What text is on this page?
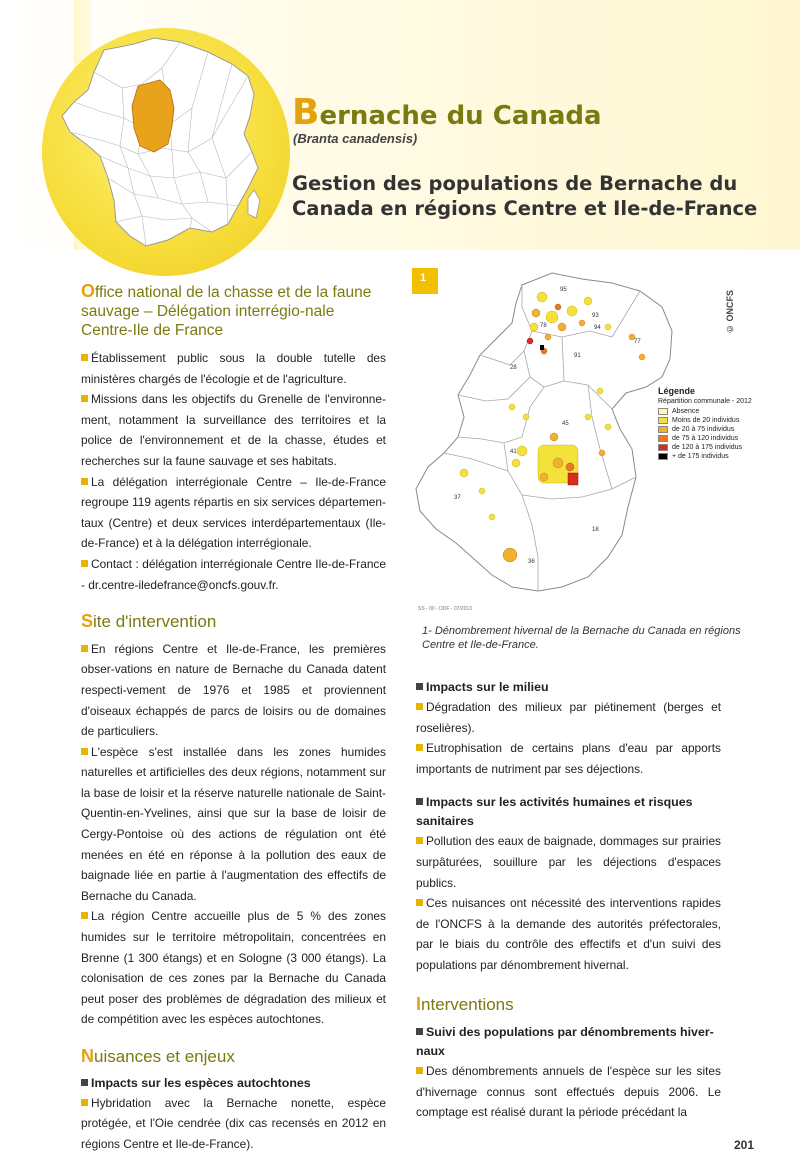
Bernache du Canada
(Branta canadensis)
Gestion des populations de Bernache du
Canada en régions Centre et Ile-de-France
Office national de la chasse et de la faune sauvage – Délégation interrégio-nale Centre-Ile de France

Établissement public sous la double tutelle des ministères chargés de l'écologie et de l'agriculture.

Missions dans les objectifs du Grenelle de l'environne-ment, notamment la surveillance des territoires et la police de l'environnement et de la chasse, études et recherches sur la faune sauvage et ses habitats.

La délégation interrégionale Centre – Ile-de-France regroupe 119 agents répartis en six services départemen-taux (Centre) et deux services interdépartementaux (Ile-de-France) et à la délégation interrégionale.

Contact : délégation interrégionale Centre Ile-de-France - dr.centre-iledefrance@oncfs.gouv.fr.

Site d'intervention

En régions Centre et Ile-de-France, les premières obser-vations en nature de Bernache du Canada datent respecti-vement de 1976 et 1985 et proviennent d'oiseaux échappés de parcs de loisirs ou de domaines de particuliers.

L'espèce s'est installée dans les zones humides naturelles et artificielles des deux régions, notamment sur la base de loisir et la réserve naturelle nationale de Saint-Quentin-en-Yvelines, ainsi que sur la base de loisir de Cergy-Pontoise où des actions de régulation ont été menées en été en réponse à la pollution des eaux de baignade liée en partie à l'augmentation des effectifs de Bernache du Canada.

La région Centre accueille plus de 5 % des zones humides sur le territoire métropolitain, concentrées en Brenne (1 300 étangs) et en Sologne (3 000 étangs). La colonisation de ces zones par la Bernache du Canada peut poser des problèmes de dégradation des milieux et de compétition avec les espèces autochtones.

Nuisances et enjeux
Impacts sur les espèces autochtones

Hybridation avec la Bernache nonette, espèce protégée, et l'Oie cendrée (dix cas recensés en 2012 en régions Centre et Ile-de-France).

1
28
41
37
36
18
77
91
93
94
95
78
45
© ONCFS
Légende
Répartition communale - 2012
Absence
Moins de 20 individus
de 20 à 75 individus
de 75 à 120 individus
de 120 à 175 individus
+ de 175 individus
SS - 00 - DDF - 07/2013
1- Dénombrement hivernal de la Bernache du Canada en régions Centre et Ile-de-France.
Impacts sur le milieu

Dégradation des milieux par piétinement (berges et roselières).

Eutrophisation de certains plans d'eau par apports importants de nutriment par ses déjections.

Impacts sur les activités humaines et risques sanitaires

Pollution des eaux de baignade, dommages sur prairies surpâturées, souillure par les déjections d'espaces publics.

Ces nuisances ont nécessité des interventions rapides de l'ONCFS à la demande des autorités préfectorales, par le biais du contrôle des effectifs et d'un suivi des populations par dénombrement hivernal.

Interventions
Suivi des populations par dénombrements hiver-naux

Des dénombrements annuels de l'espèce sur les sites d'hivernage connus sont effectués depuis 2006. Le comptage est réalisé durant la période précédant la

201
